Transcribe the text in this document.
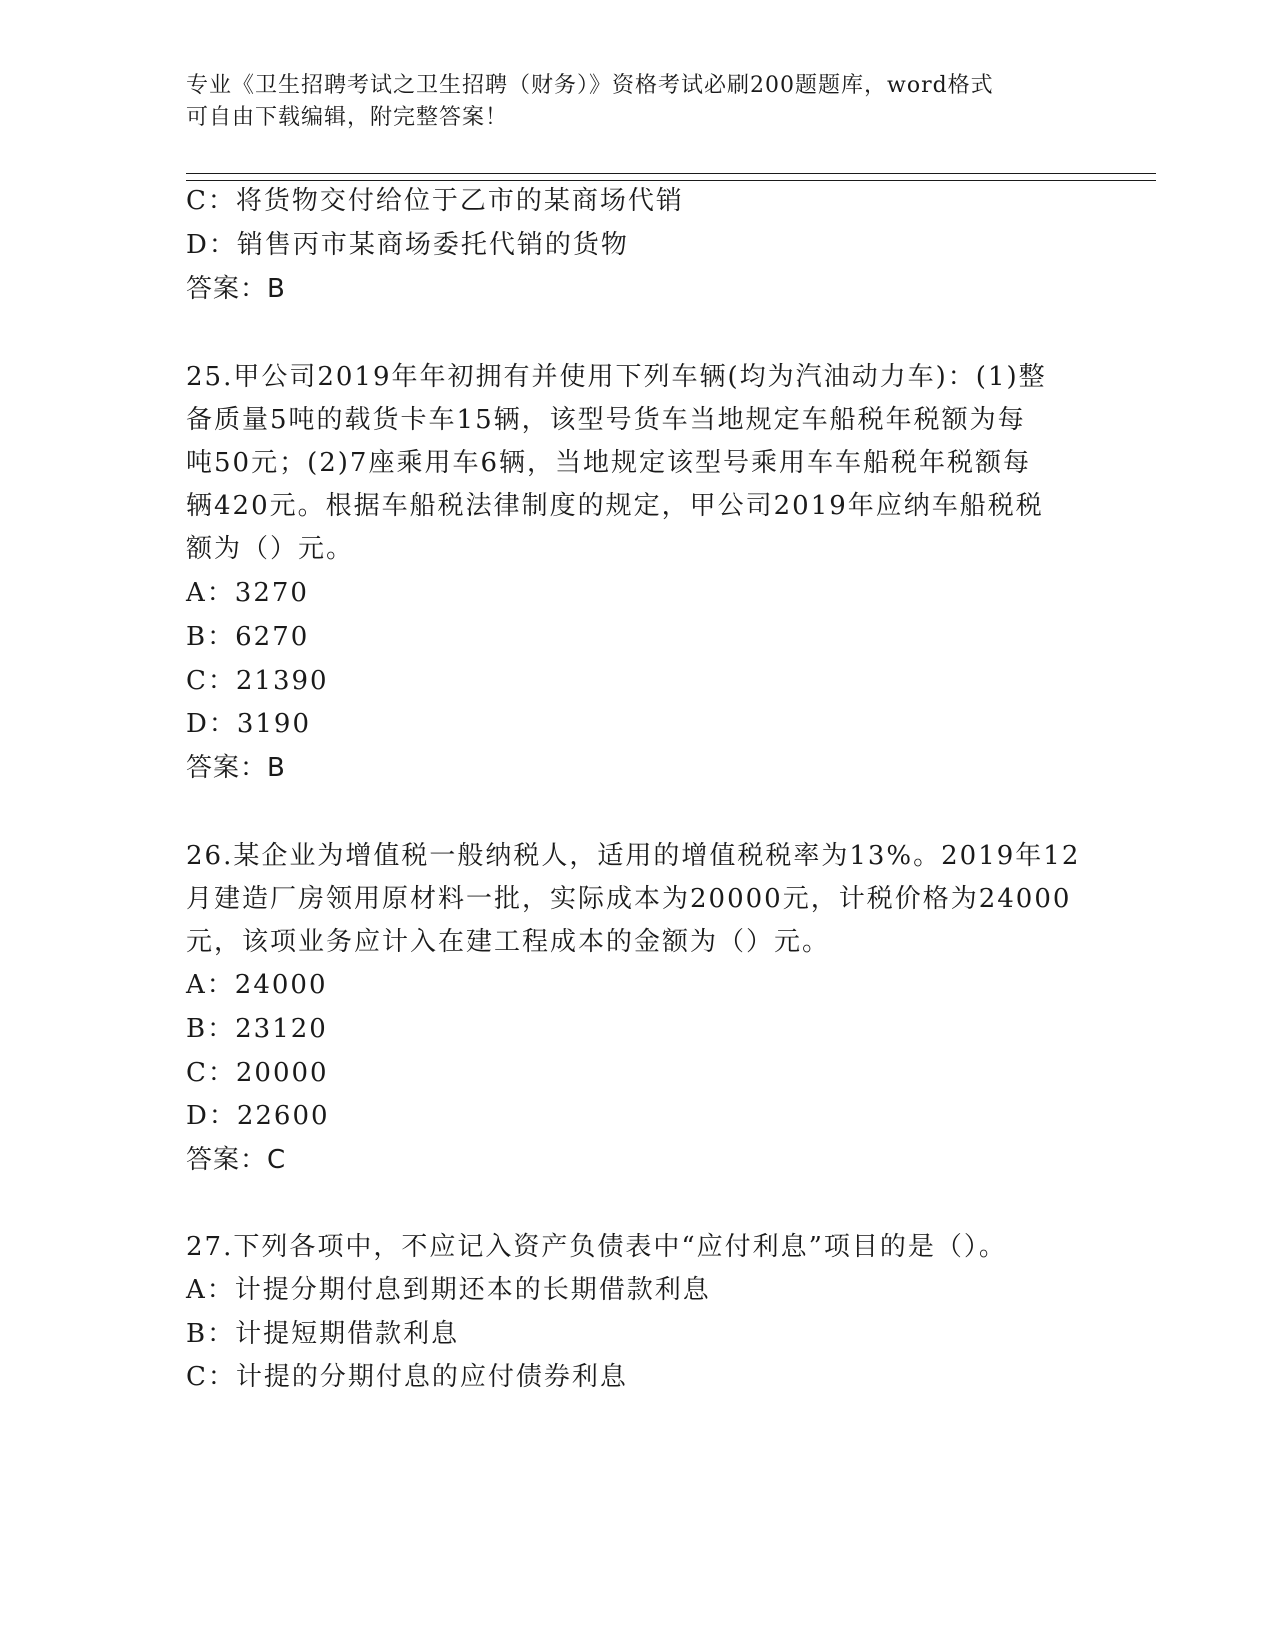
专业《卫生招聘考试之卫生招聘（财务）》资格考试必刷200题题库，word格式
可自由下载编辑，附完整答案！
C：将货物交付给位于乙市的某商场代销
D：销售丙市某商场委托代销的货物
答案：B
25.甲公司2019年年初拥有并使用下列车辆(均为汽油动力车)：(1)整
备质量5吨的载货卡车15辆，该型号货车当地规定车船税年税额为每
吨50元；(2)7座乘用车6辆，当地规定该型号乘用车车船税年税额每
辆420元。根据车船税法律制度的规定，甲公司2019年应纳车船税税
额为（）元。
A：3270
B：6270
C：21390
D：3190
答案：B
26.某企业为增值税一般纳税人，适用的增值税税率为13%。2019年12
月建造厂房领用原材料一批，实际成本为20000元，计税价格为24000
元，该项业务应计入在建工程成本的金额为（）元。
A：24000
B：23120
C：20000
D：22600
答案：C
27.下列各项中，不应记入资产负债表中“应付利息”项目的是（）。
A：计提分期付息到期还本的长期借款利息
B：计提短期借款利息
C：计提的分期付息的应付债券利息
